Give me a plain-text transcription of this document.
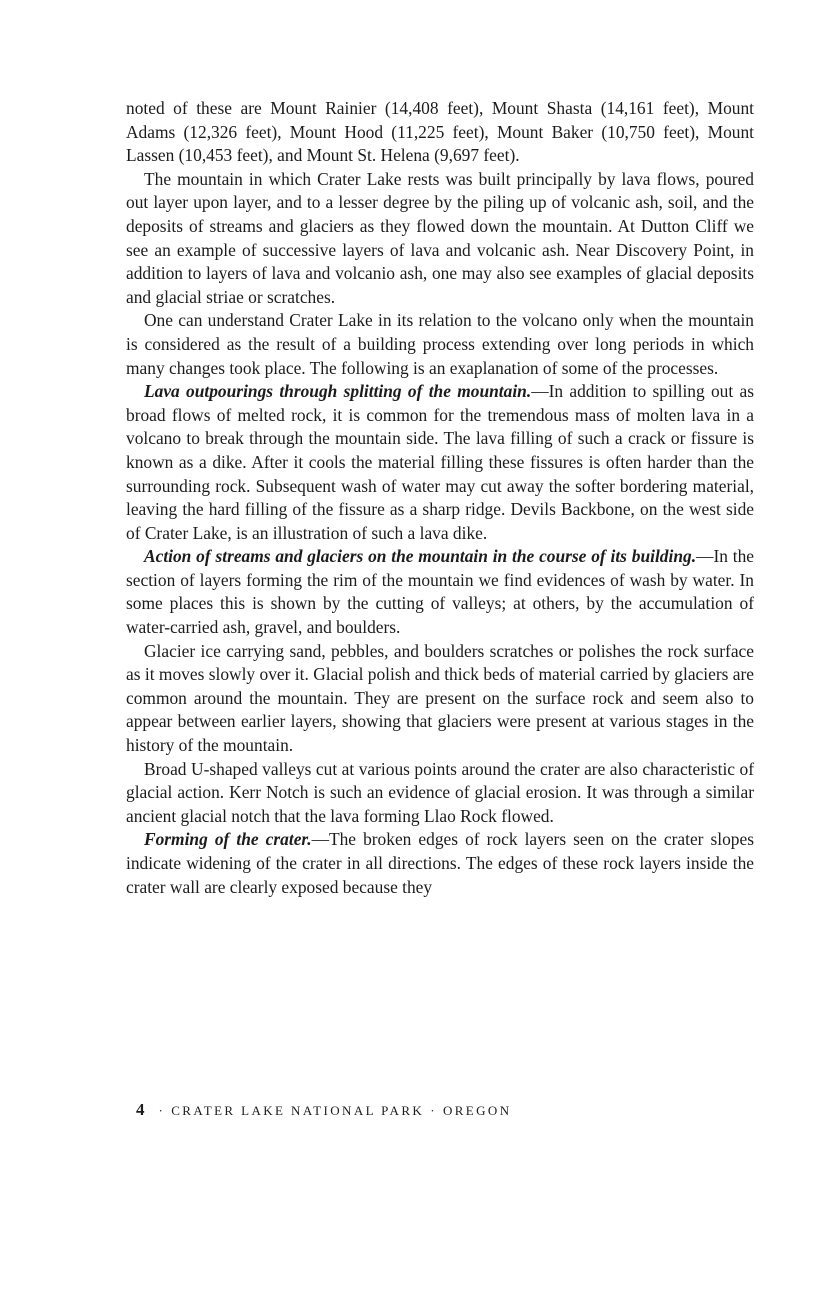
noted of these are Mount Rainier (14,408 feet), Mount Shasta (14,161 feet), Mount Adams (12,326 feet), Mount Hood (11,225 feet), Mount Baker (10,750 feet), Mount Lassen (10,453 feet), and Mount St. Helena (9,697 feet).

The mountain in which Crater Lake rests was built principally by lava flows, poured out layer upon layer, and to a lesser degree by the piling up of volcanic ash, soil, and the deposits of streams and glaciers as they flowed down the mountain. At Dutton Cliff we see an example of successive layers of lava and volcanic ash. Near Discovery Point, in addition to layers of lava and volcanio ash, one may also see examples of glacial deposits and glacial striae or scratches.

One can understand Crater Lake in its relation to the volcano only when the mountain is considered as the result of a building process extending over long periods in which many changes took place. The following is an exaplanation of some of the processes.

Lava outpourings through splitting of the mountain.—In addition to spilling out as broad flows of melted rock, it is common for the tremendous mass of molten lava in a volcano to break through the mountain side. The lava filling of such a crack or fissure is known as a dike. After it cools the material filling these fissures is often harder than the surrounding rock. Subsequent wash of water may cut away the softer bordering material, leaving the hard filling of the fissure as a sharp ridge. Devils Backbone, on the west side of Crater Lake, is an illustration of such a lava dike.

Action of streams and glaciers on the mountain in the course of its building.—In the section of layers forming the rim of the mountain we find evidences of wash by water. In some places this is shown by the cutting of valleys; at others, by the accumulation of water-carried ash, gravel, and boulders.

Glacier ice carrying sand, pebbles, and boulders scratches or polishes the rock surface as it moves slowly over it. Glacial polish and thick beds of material carried by glaciers are common around the mountain. They are present on the surface rock and seem also to appear between earlier layers, showing that glaciers were present at various stages in the history of the mountain.

Broad U-shaped valleys cut at various points around the crater are also characteristic of glacial action. Kerr Notch is such an evidence of glacial erosion. It was through a similar ancient glacial notch that the lava forming Llao Rock flowed.

Forming of the crater.—The broken edges of rock layers seen on the crater slopes indicate widening of the crater in all directions. The edges of these rock layers inside the crater wall are clearly exposed because they

4 · CRATER LAKE NATIONAL PARK · OREGON
